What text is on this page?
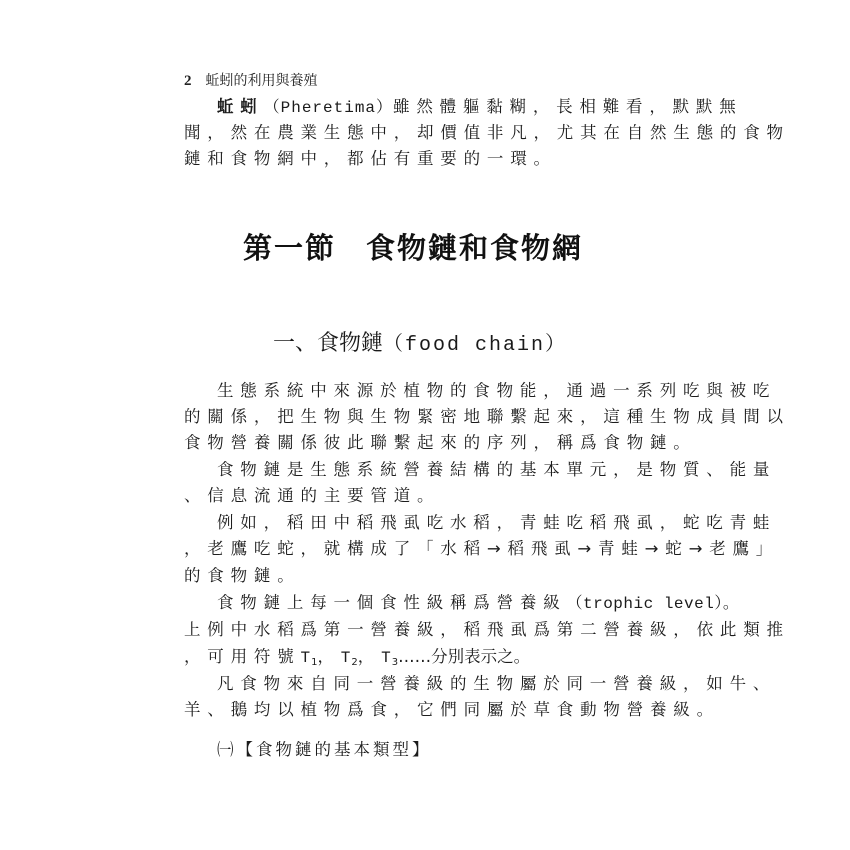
2 蚯蚓的利用與養殖
蚯蚓（Pheretima）雖然體軀黏糊，長相難看，默默無
聞，然在農業生態中，却價值非凡，尤其在自然生態的食物
鏈和食物網中，都佔有重要的一環。
第一節 食物鏈和食物網
一、食物鏈（food chain）
生態系統中來源於植物的食物能，通過一系列吃與被吃
的關係，把生物與生物緊密地聯繫起來，這種生物成員間以
食物營養關係彼此聯繫起來的序列，稱爲食物鏈。
食物鏈是生態系統營養結構的基本單元，是物質、能量
、信息流通的主要管道。
例如，稻田中稻飛虱吃水稻，青蛙吃稻飛虱，蛇吃青蛙
，老鷹吃蛇，就構成了「水稻→稻飛虱→青蛙→蛇→老鷹」
的食物鏈。
食物鏈上每一個食性級稱爲營養級（trophic level）。
上例中水稻爲第一營養級，稻飛虱爲第二營養級，依此類推
，可用符號$T_1$，$T_2$，$T_3\dots\dots$分別表示之。
凡食物來自同一營養級的生物屬於同一營養級，如牛、
羊、鵝均以植物爲食，它們同屬於草食動物營養級。
㈠【食物鏈的基本類型】
